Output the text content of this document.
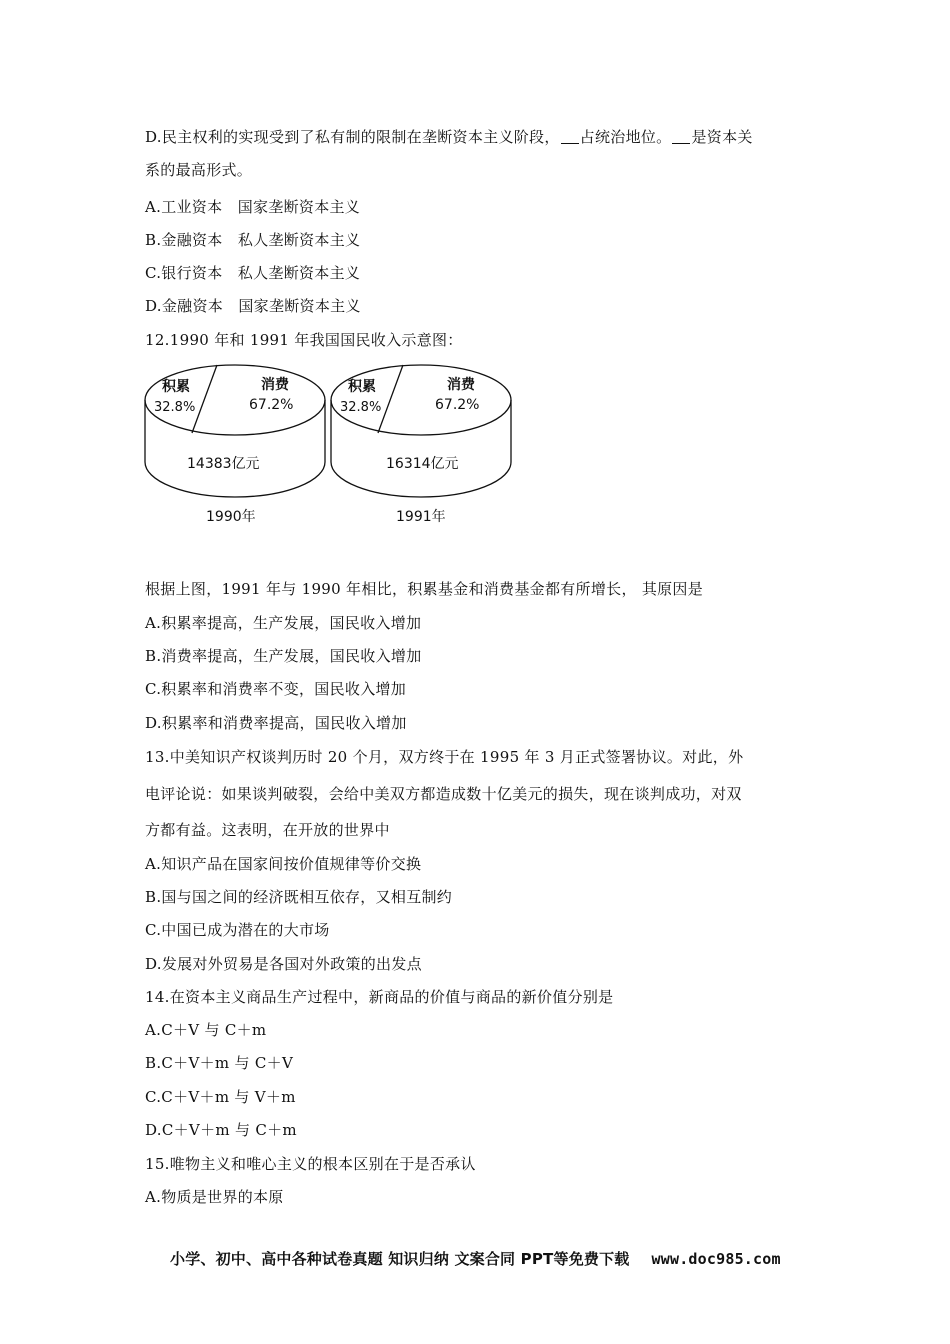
D.民主权利的实现受到了私有制的限制在垄断资本主义阶段， 占统治地位。 是资本关
系的最高形式。
A.工业资本　国家垄断资本主义
B.金融资本　私人垄断资本主义
C.银行资本　私人垄断资本主义
D.金融资本　国家垄断资本主义
12.1990 年和 1991 年我国国民收入示意图：
积累
32.8%
消费
67.2%
14383亿元
1990年
积累
32.8%
消费
67.2%
16314亿元
1991年
根据上图，1991 年与 1990 年相比，积累基金和消费基金都有所增长， 其原因是
A.积累率提高，生产发展，国民收入增加
B.消费率提高，生产发展，国民收入增加
C.积累率和消费率不变，国民收入增加
D.积累率和消费率提高，国民收入增加
13.中美知识产权谈判历时 20 个月，双方终于在 1995 年 3 月正式签署协议。对此，外
电评论说：如果谈判破裂，会给中美双方都造成数十亿美元的损失，现在谈判成功，对双
方都有益。这表明，在开放的世界中
A.知识产品在国家间按价值规律等价交换
B.国与国之间的经济既相互依存，又相互制约
C.中国已成为潜在的大市场
D.发展对外贸易是各国对外政策的出发点
14.在资本主义商品生产过程中，新商品的价值与商品的新价值分别是
A.C＋V 与 C＋m
B.C＋V＋m 与 C＋V
C.C＋V＋m 与 V＋m
D.C＋V＋m 与 C＋m
15.唯物主义和唯心主义的根本区别在于是否承认
A.物质是世界的本原
小学、初中、高中各种试卷真题 知识归纳 文案合同 PPT等免费下载 www.doc985.com
